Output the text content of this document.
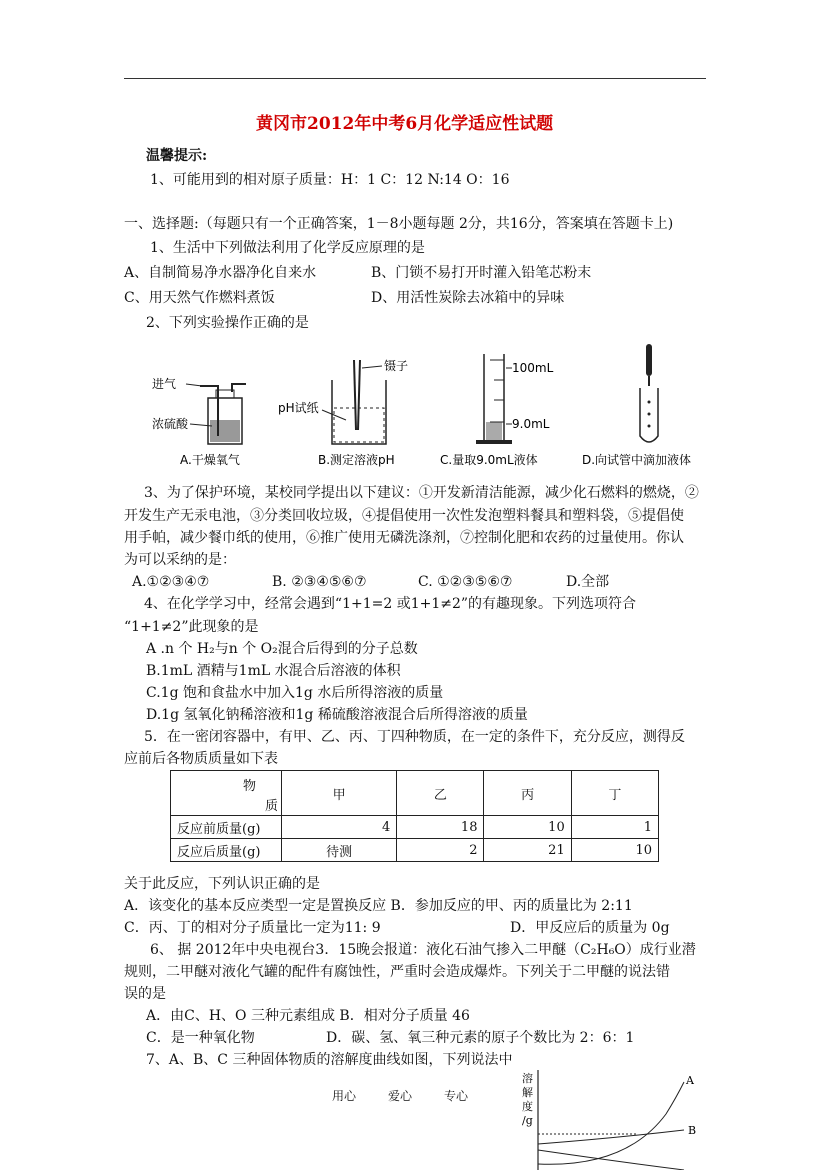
黄冈市2012年中考6月化学适应性试题
温馨提示:
1、可能用到的相对原子质量：H：1 C：12 N:14 O：16
一、选择题:（每题只有一个正确答案，1－8小题每题 2分，共16分，答案填在答题卡上)
1、生活中下列做法利用了化学反应原理的是
A、自制简易净水器净化自来水	B、门锁不易打开时灌入铅笔芯粉末
C、用天然气作燃料煮饭	D、用活性炭除去冰箱中的异味
2、下列实验操作正确的是
进气
浓硫酸
镊子
pH试纸
100mL
9.0mL
A.干燥氧气	B.测定溶液pH	C.量取9.0mL液体	D.向试管中滴加液体
3、为了保护环境，某校同学提出以下建议：①开发新清洁能源，减少化石燃料的燃烧，②
开发生产无汞电池，③分类回收垃圾，④提倡使用一次性发泡塑料餐具和塑料袋，⑤提倡使
用手帕，减少餐巾纸的使用，⑥推广使用无磷洗涤剂，⑦控制化肥和农药的过量使用。你认
为可以采纳的是：
A.①②③④⑦	B. ②③④⑤⑥⑦	C. ①②③⑤⑥⑦	D.全部
4、在化学学习中，经常会遇到“1+1=2 或1+1≠2”的有趣现象。下列选项符合
“1+1≠2”此现象的是
A .n 个 H₂与n 个 O₂混合后得到的分子总数
B.1mL 酒精与1mL 水混合后溶液的体积
C.1g 饱和食盐水中加入1g 水后所得溶液的质量
D.1g 氢氧化钠稀溶液和1g 稀硫酸溶液混合后所得溶液的质量
5．在一密闭容器中，有甲、乙、丙、丁四种物质，在一定的条件下，充分反应，测得反
应前后各物质质量如下表
物
质	甲	乙	丙	丁
反应前质量(g)	4	18	10	1
反应后质量(g)	待测	2	21	10
关于此反应，下列认识正确的是
A．该变化的基本反应类型一定是置换反应 B．参加反应的甲、丙的质量比为 2:11
C．丙、丁的相对分子质量比一定为11: 9	D．甲反应后的质量为 0g
6、 据 2012年中央电视台3．15晚会报道：液化石油气掺入二甲醚（C₂H₆O）成行业潜
规则，二甲醚对液化气罐的配件有腐蚀性，严重时会造成爆炸。下列关于二甲醚的说法错
误的是
A．由C、H、O 三种元素组成 B．相对分子质量 46
C．是一种氧化物	D．碳、氢、氧三种元素的原子个数比为 2：6：1
7、A、B、C 三种固体物质的溶解度曲线如图，下列说法中
溶
解
度
/g
A
B
用心	爱心	专心
